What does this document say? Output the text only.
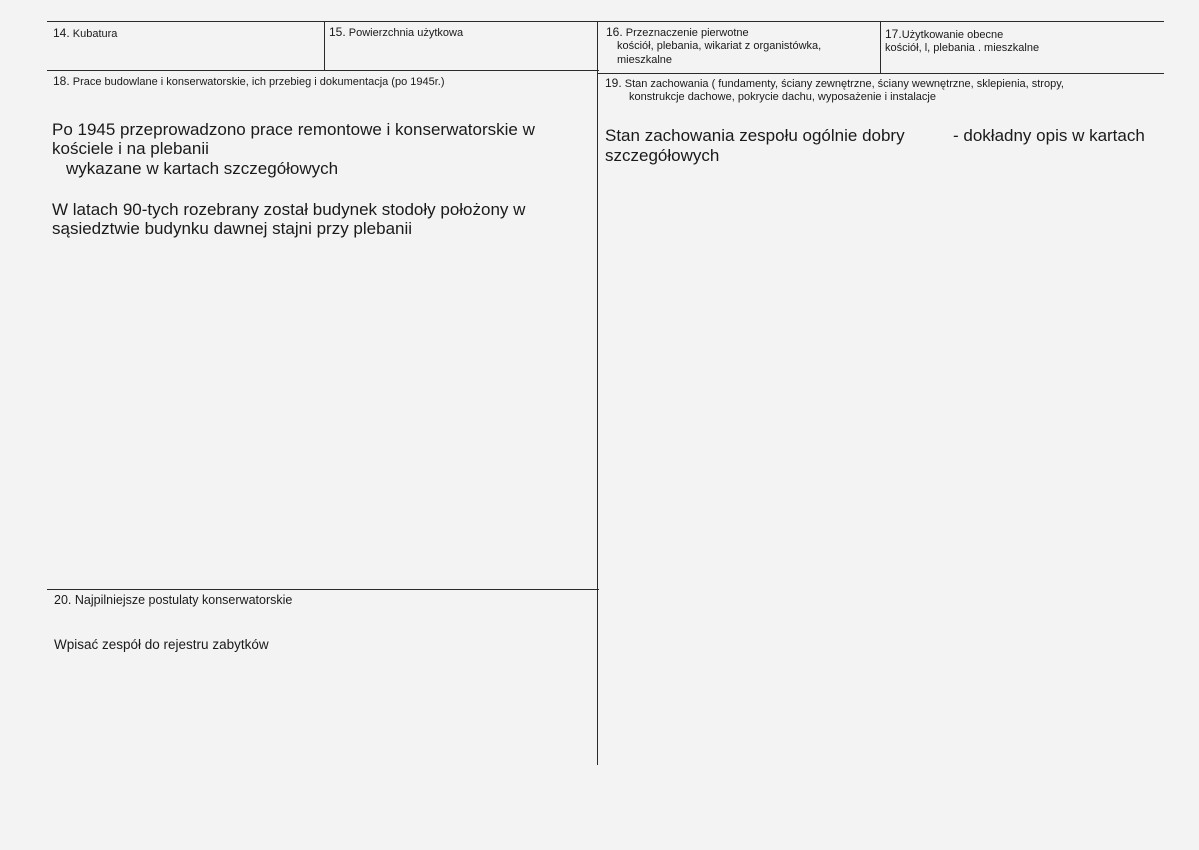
14. Kubatura	15. Powierzchnia użytkowa	16. Przeznaczenie pierwotne
kościół, plebania, wikariat z organistówka,
mieszkalne
17.Użytkowanie obecne
kościół, l, plebania . mieszkalne
18. Prace budowlane i konserwatorskie, ich przebieg i dokumentacja (po 1945r.)
Po 1945 przeprowadzono prace remontowe i konserwatorskie w
kościele i na plebanii
wykazane w kartach szczegółowych
W latach 90-tych rozebrany został budynek stodoły położony w
sąsiedztwie budynku dawnej stajni przy plebanii
19. Stan zachowania ( fundamenty, ściany zewnętrzne, ściany wewnętrzne, sklepienia, stropy,
konstrukcje dachowe, pokrycie dachu, wyposażenie i instalacje
Stan zachowania zespołu ogólnie dobry	- dokładny opis w kartach
szczegółowych
20. Najpilniejsze postulaty konserwatorskie
Wpisać zespół do rejestru zabytków
